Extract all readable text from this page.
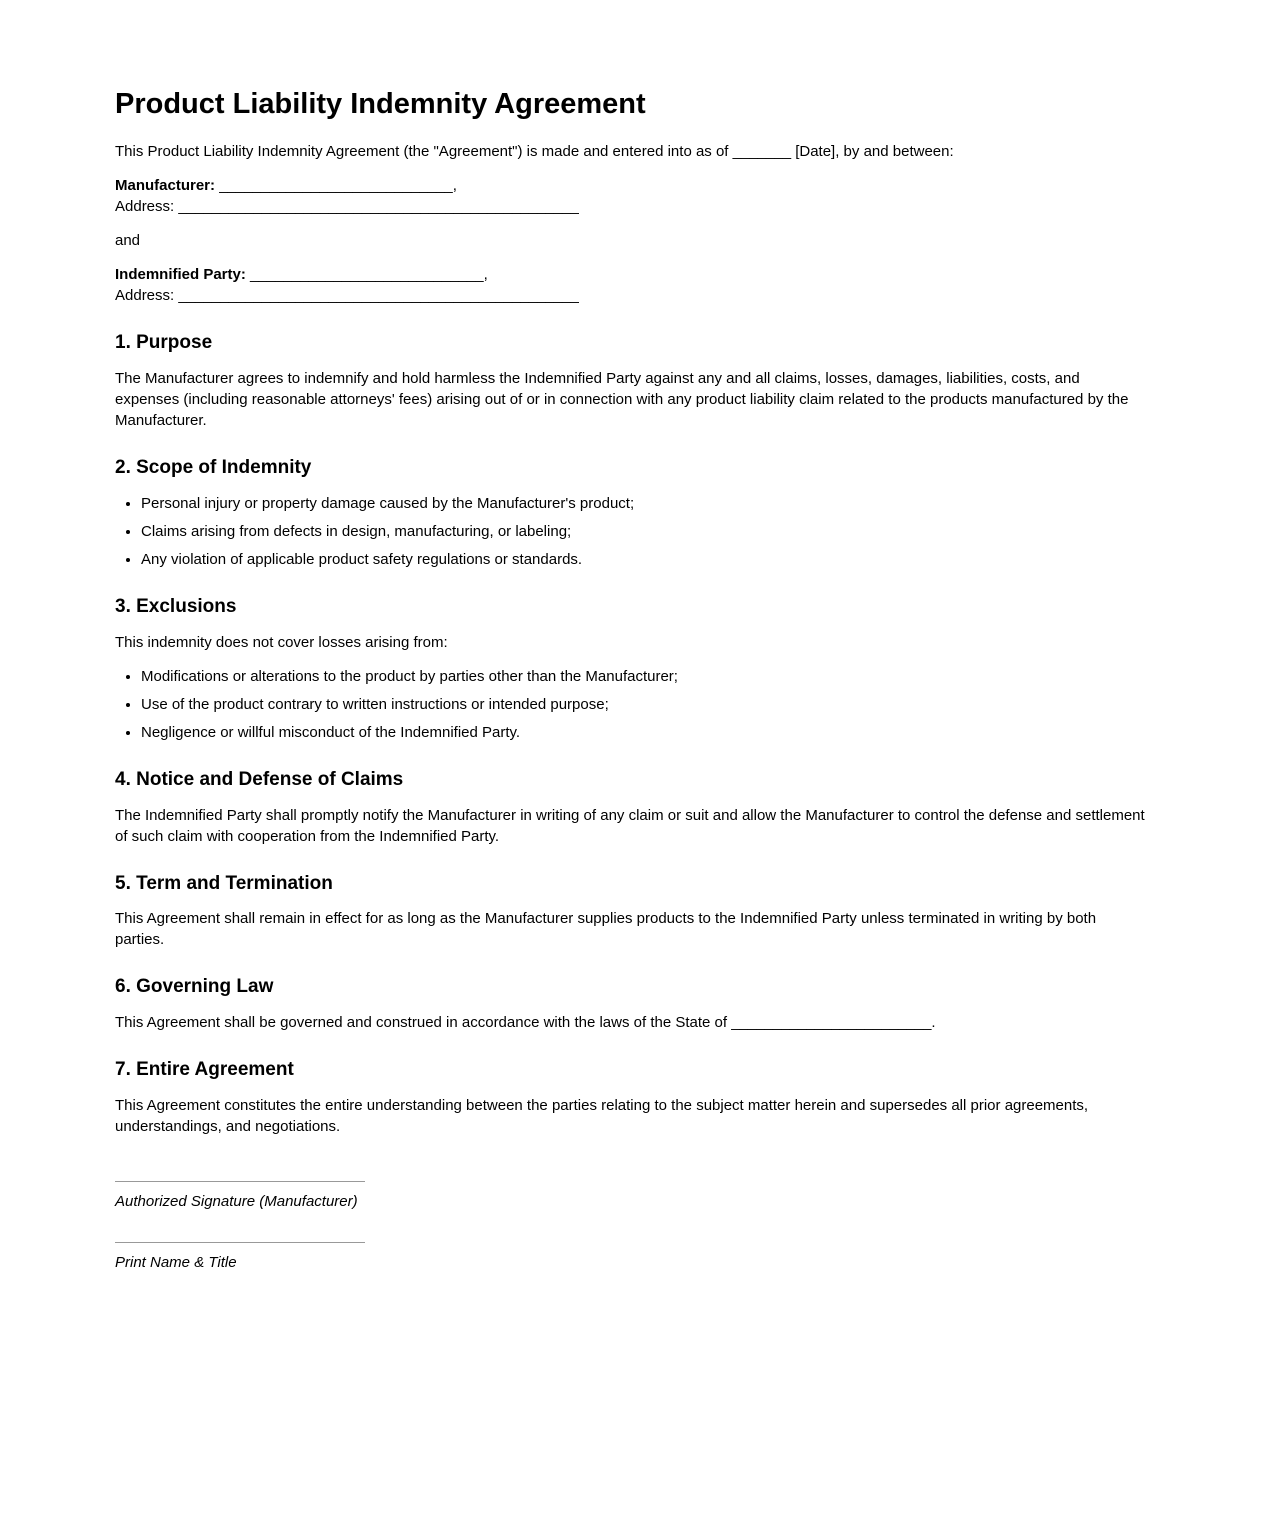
Product Liability Indemnity Agreement

This Product Liability Indemnity Agreement (the "Agreement") is made and entered into as of _______ [Date], by and between:

Manufacturer: ____________________________,
Address: ________________________________________________

and

Indemnified Party: ____________________________,
Address: ________________________________________________

1. Purpose

The Manufacturer agrees to indemnify and hold harmless the Indemnified Party against any and all claims, losses, damages, liabilities, costs, and expenses (including reasonable attorneys' fees) arising out of or in connection with any product liability claim related to the products manufactured by the Manufacturer.

2. Scope of Indemnity
• Personal injury or property damage caused by the Manufacturer's product;
• Claims arising from defects in design, manufacturing, or labeling;
• Any violation of applicable product safety regulations or standards.
3. Exclusions

This indemnity does not cover losses arising from:

• Modifications or alterations to the product by parties other than the Manufacturer;
• Use of the product contrary to written instructions or intended purpose;
• Negligence or willful misconduct of the Indemnified Party.
4. Notice and Defense of Claims

The Indemnified Party shall promptly notify the Manufacturer in writing of any claim or suit and allow the Manufacturer to control the defense and settlement of such claim with cooperation from the Indemnified Party.

5. Term and Termination

This Agreement shall remain in effect for as long as the Manufacturer supplies products to the Indemnified Party unless terminated in writing by both parties.

6. Governing Law

This Agreement shall be governed and construed in accordance with the laws of the State of ________________________.

7. Entire Agreement

This Agreement constitutes the entire understanding between the parties relating to the subject matter herein and supersedes all prior agreements, understandings, and negotiations.

Authorized Signature (Manufacturer)

Print Name & Title
